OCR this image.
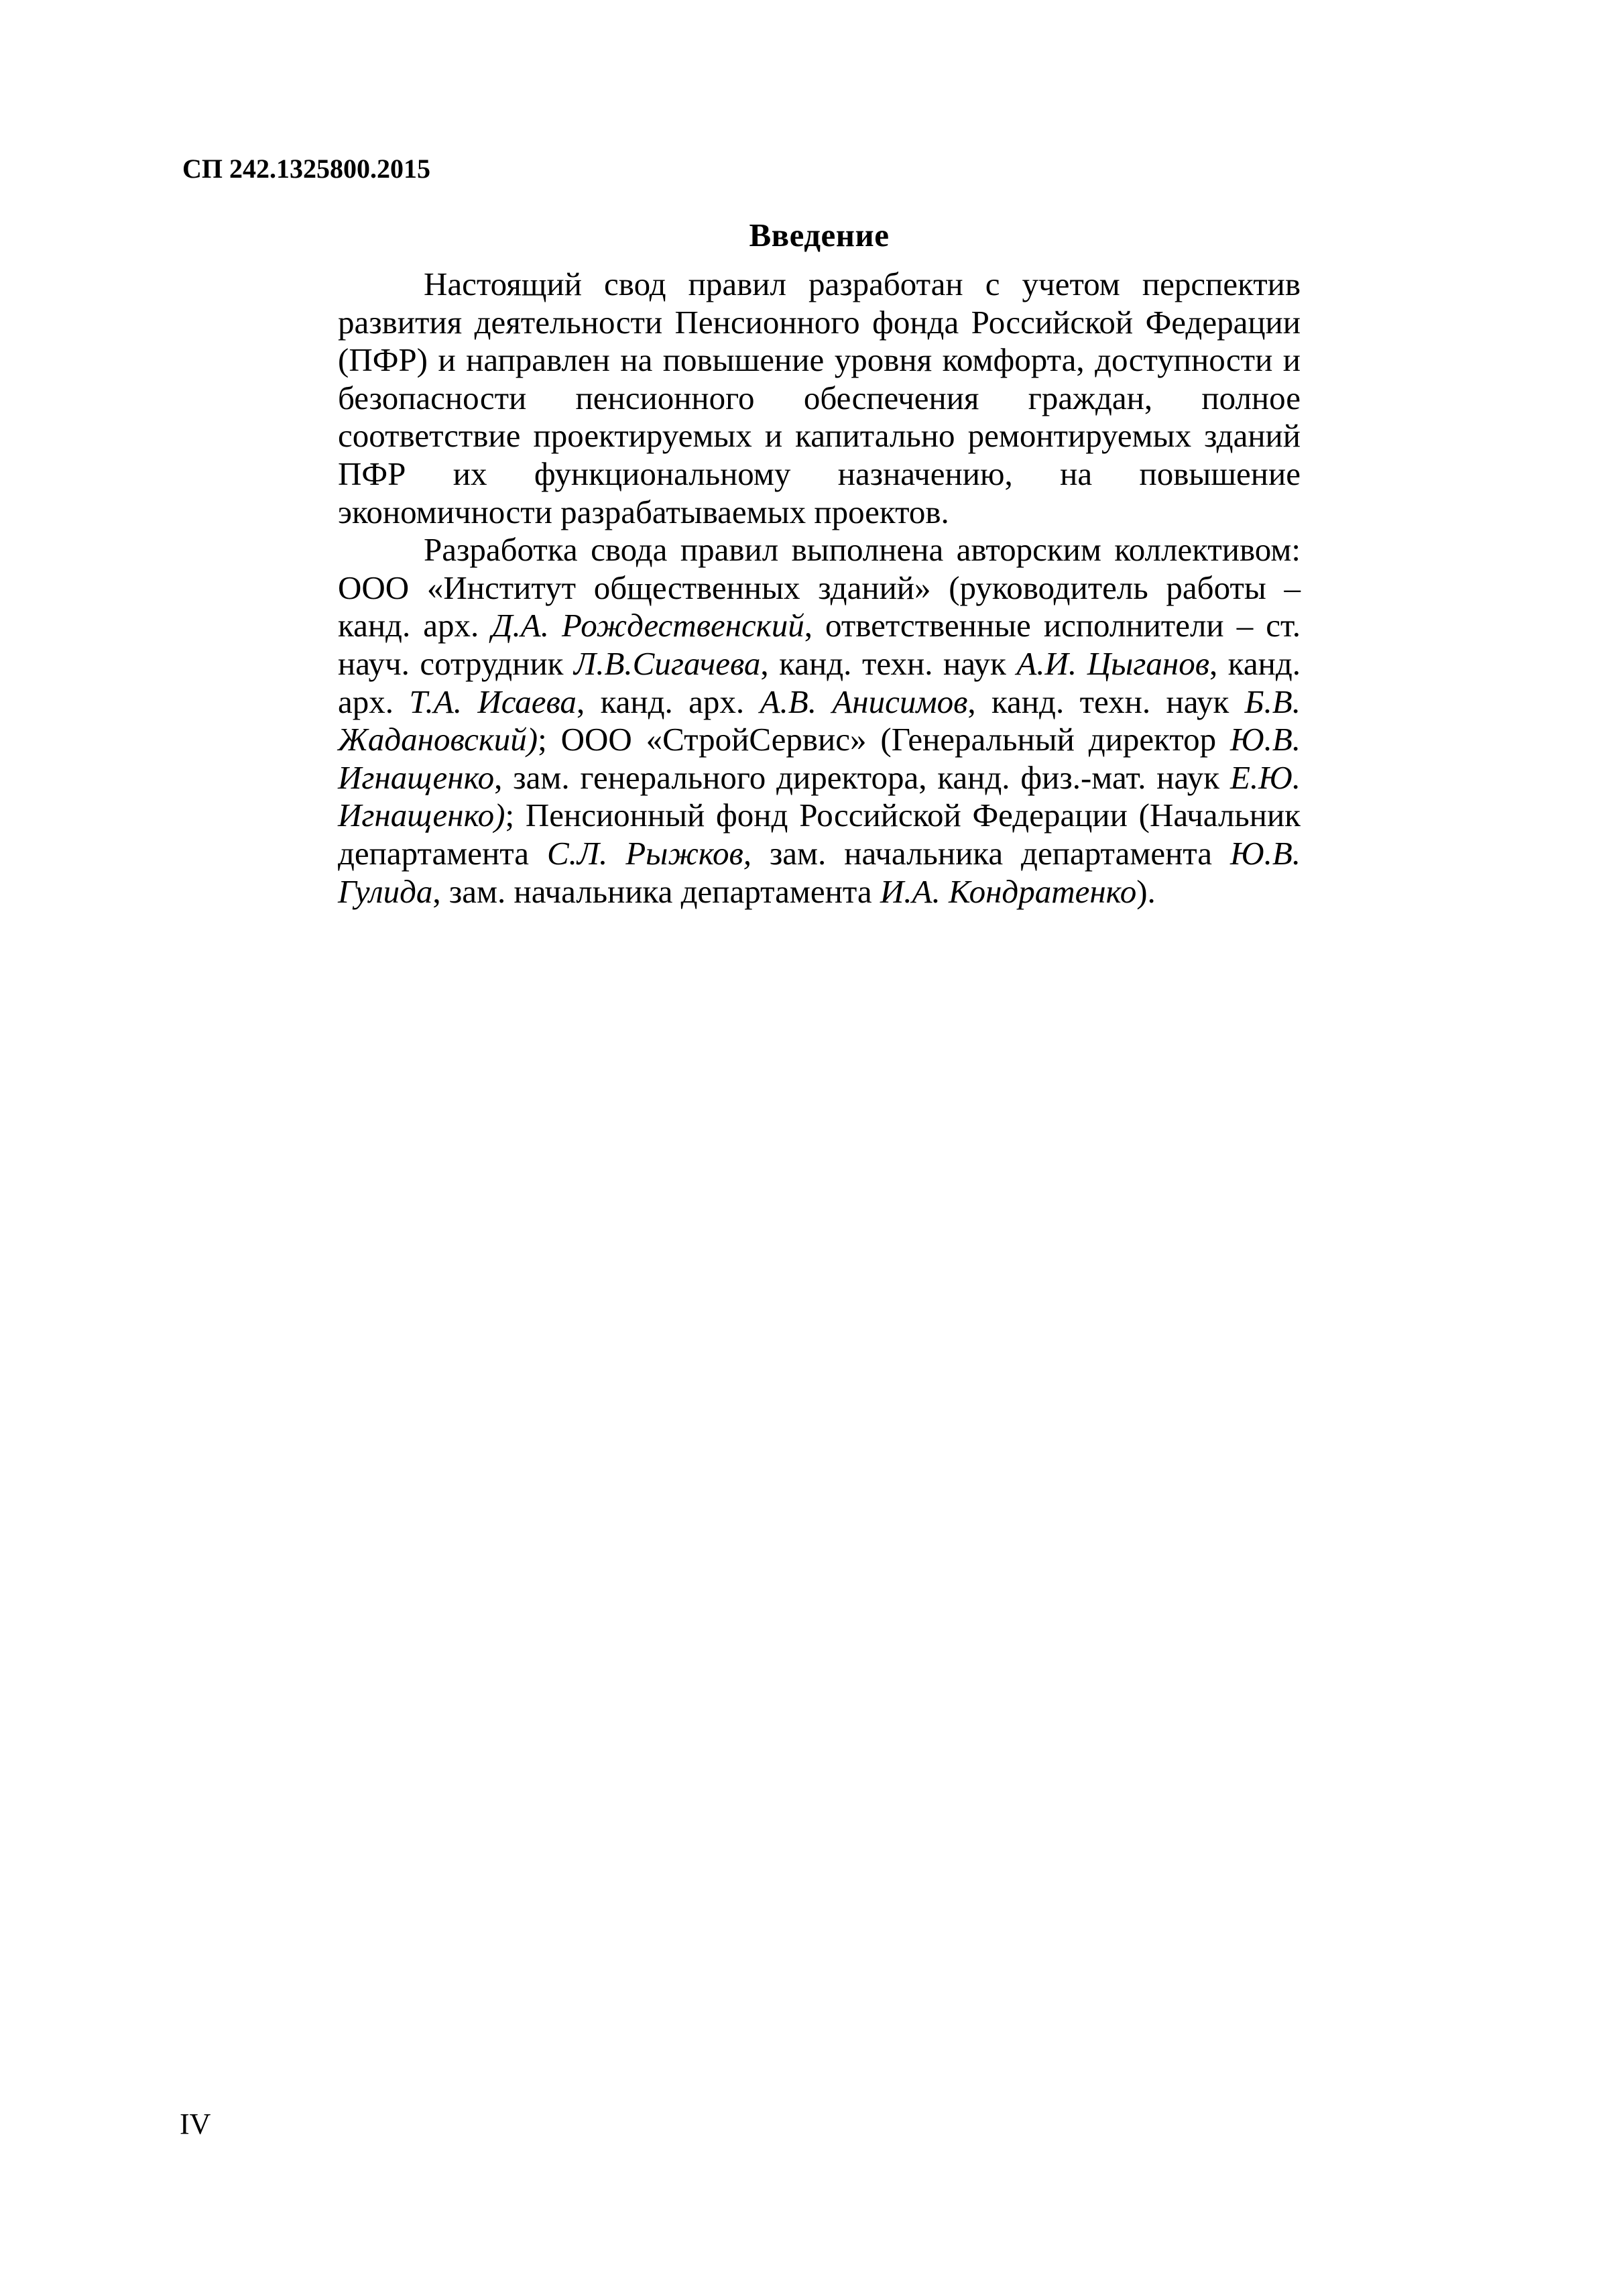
СП 242.1325800.2015
Введение

Настоящий свод правил разработан с учетом перспектив развития деятельности Пенсионного фонда Российской Федерации (ПФР) и направлен на повышение уровня комфорта, доступности и безопасности пенсионного обеспечения граждан, полное соответствие проектируемых и капитально ремонтируемых зданий ПФР их функциональному назначению, на повышение экономичности разрабатываемых проектов.

Разработка свода правил выполнена авторским коллективом: ООО «Институт общественных зданий» (руководитель работы – канд. арх. Д.А. Рождественский, ответственные исполнители – ст. науч. сотрудник Л.В.Сигачева, канд. техн. наук А.И. Цыганов, канд. арх. Т.А. Исаева, канд. арх. А.В. Анисимов, канд. техн. наук Б.В. Жадановский); ООО «СтройСервис» (Генеральный директор Ю.В. Игнащенко, зам. генерального директора, канд. физ.-мат. наук Е.Ю. Игнащенко); Пенсионный фонд Российской Федерации (Начальник департамента С.Л. Рыжков, зам. начальника департамента Ю.В. Гулида, зам. начальника департамента И.А. Кондратенко).

IV
